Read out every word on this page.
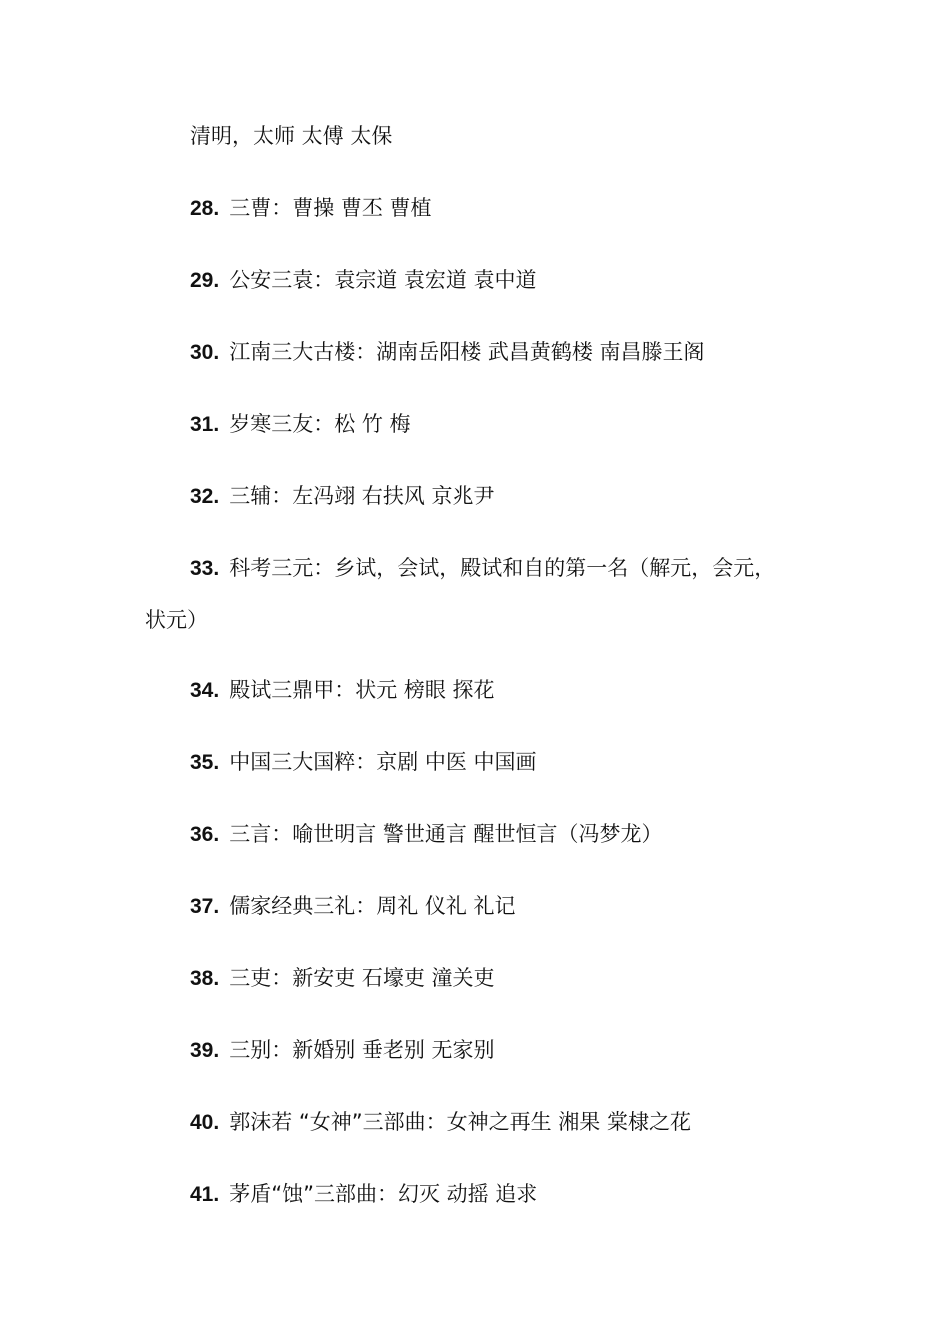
清明，太师 太傅 太保
28. 三曹：曹操 曹丕 曹植
29. 公安三袁：袁宗道 袁宏道 袁中道
30. 江南三大古楼：湖南岳阳楼 武昌黄鹤楼 南昌滕王阁
31. 岁寒三友：松 竹 梅
32. 三辅：左冯翊 右扶风 京兆尹
33. 科考三元：乡试，会试，殿试和自的第一名（解元，会元，
状元）
34. 殿试三鼎甲：状元 榜眼 探花
35. 中国三大国粹：京剧 中医 中国画
36. 三言：喻世明言 警世通言 醒世恒言（冯梦龙）
37. 儒家经典三礼：周礼 仪礼 礼记
38. 三吏：新安吏 石壕吏 潼关吏
39. 三别：新婚别 垂老别 无家别
40. 郭沫若 “女神”三部曲：女神之再生 湘果 棠棣之花
41. 茅盾“蚀”三部曲：幻灭 动摇 追求
